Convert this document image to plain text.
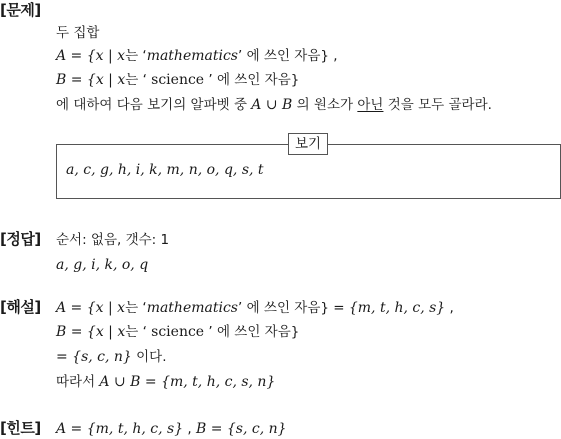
[문제]
두 집합
A = {x | x는 ‘mathematics’ 에 쓰인 자음} ,
B = {x | x는 ‘ science ’ 에 쓰인 자음}
에 대하여 다음 보기의 알파벳 중 A ∪ B 의 원소가 아닌 것을 모두 골라라.
보기
a, c, g, h, i, k, m, n, o, q, s, t
[정답] 순서: 없음, 갯수: 1
a, g, i, k, o, q
[해설] A = {x | x는 ‘mathematics’ 에 쓰인 자음} = {m, t, h, c, s} ,
B = {x | x는 ‘ science ’ 에 쓰인 자음}
= {s, c, n} 이다.
따라서 A ∪ B = {m, t, h, c, s, n}
[힌트] A = {m, t, h, c, s} , B = {s, c, n}
